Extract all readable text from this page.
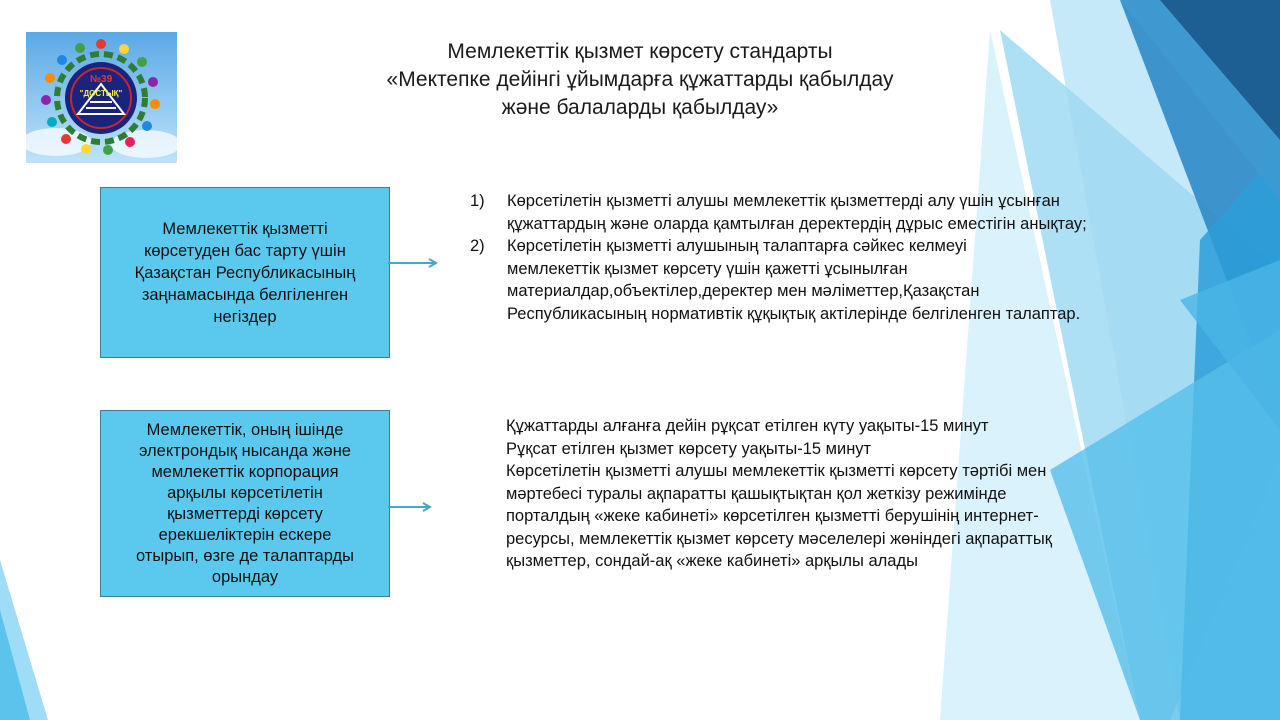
№39
"ДОСТЫҚ"
Мемлекеттік қызмет көрсету стандарты
«Мектепке дейінгі ұйымдарға құжаттарды қабылдау
және балаларды қабылдау»
Мемлекеттік қызметті
көрсетуден бас тарту үшін
Қазақстан Республикасының
заңнамасында белгіленген
негіздер
1)	Көрсетілетін қызметті алушы мемлекеттік қызметтерді алу үшін ұсынған
құжаттардың және оларда қамтылған деректердің дұрыс еместігін анықтау;
2)	Көрсетілетін қызметті алушының талаптарға сәйкес келмеуі
мемлекеттік қызмет көрсету үшін қажетті ұсынылған
материалдар,объектілер,деректер мен мәліметтер,Қазақстан
Республикасының нормативтік құқықтық актілерінде белгіленген талаптар.
Мемлекеттік, оның ішінде
электрондық нысанда және
мемлекеттік корпорация
арқылы көрсетілетін
қызметтерді көрсету
ерекшеліктерін ескере
отырып, өзге де талаптарды
орындау
Құжаттарды алғанға дейін рұқсат етілген күту уақыты-15 минут
Рұқсат етілген қызмет көрсету уақыты-15 минут
Көрсетілетін қызметті алушы мемлекеттік қызметті көрсету тәртібі мен
мәртебесі туралы ақпаратты қашықтықтан қол жеткізу режимінде
порталдың «жеке кабинеті» көрсетілген қызметті берушінің интернет-
ресурсы, мемлекеттік қызмет көрсету мәселелері жөніндегі ақпараттық
қызметтер, сондай-ақ «жеке кабинеті» арқылы алады
